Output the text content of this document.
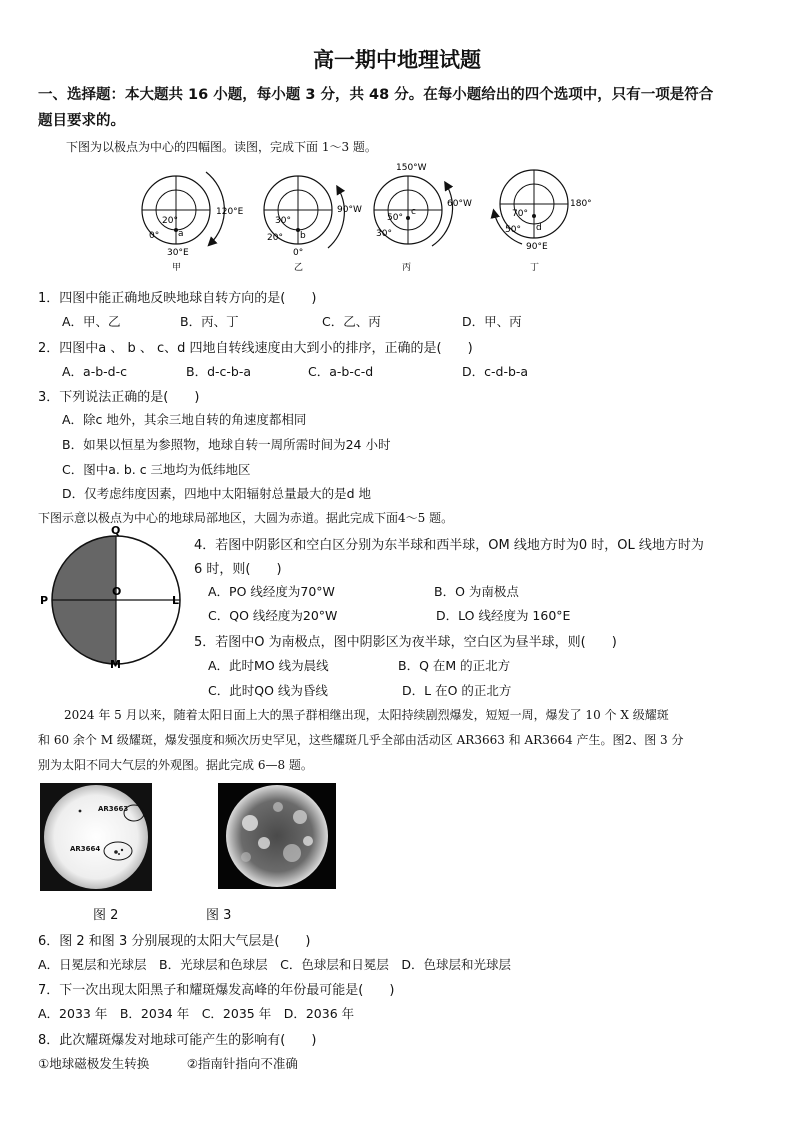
高一期中地理试题
一、选择题：本大题共 16 小题，每小题 3 分，共 48 分。在每小题给出的四个选项中，只有一项是符合
题目要求的。
下图为以极点为中心的四幅图。读图，完成下面 1～3 题。
20°
0° a
30°E
120°E
甲
30°
20° b
0°
90°W
乙
150°W
50°
30°
c
60°W
丙
70°
50° d
90°E
180°
丁
1．四图中能正确地反映地球自转方向的是(　　)
A．甲、乙	B．丙、丁	C．乙、丙	D．甲、丙
2．四图中a 、 b 、 c、d 四地自转线速度由大到小的排序，正确的是(　　)
A．a-b-d-c	B．d-c-b-a	C．a-b-c-d	D．c-d-b-a
3．下列说法正确的是(　　)
A．除c 地外，其余三地自转的角速度都相同
B．如果以恒星为参照物，地球自转一周所需时间为24 小时
C．图中a. b. c 三地均为低纬地区
D．仅考虑纬度因素，四地中太阳辐射总量最大的是d 地
下图示意以极点为中心的地球局部地区，大圆为赤道。据此完成下面4～5 题。
Q
P
O
L
M
4．若图中阴影区和空白区分别为东半球和西半球，OM 线地方时为0 时，OL 线地方时为
6 时，则(　　)
A．PO 线经度为70°W	B．O 为南极点
C．QO 线经度为20°W	D．LO 线经度为 160°E
5．若图中O 为南极点，图中阴影区为夜半球，空白区为昼半球，则(　　)
A．此时MO 线为晨线	B．Q 在M 的正北方
C．此时QO 线为昏线	D．L 在O 的正北方
2024 年 5 月以来，随着太阳日面上大的黑子群相继出现，太阳持续剧烈爆发，短短一周，爆发了 10 个 X 级耀斑
和 60 余个 M 级耀斑，爆发强度和频次历史罕见，这些耀斑几乎全部由活动区 AR3663 和 AR3664 产生。图2、图 3 分
别为太阳不同大气层的外观图。据此完成 6—8 题。
AR3663
AR3664
图 2	图 3
6．图 2 和图 3 分别展现的太阳大气层是(　　)
A．日冕层和光球层　B．光球层和色球层　C．色球层和日冕层　D．色球层和光球层
7．下一次出现太阳黑子和耀斑爆发高峰的年份最可能是(　　)
A．2033 年　B．2034 年　C．2035 年　D．2036 年
8．此次耀斑爆发对地球可能产生的影响有(　　)
①地球磁极发生转换　　　②指南针指向不准确
